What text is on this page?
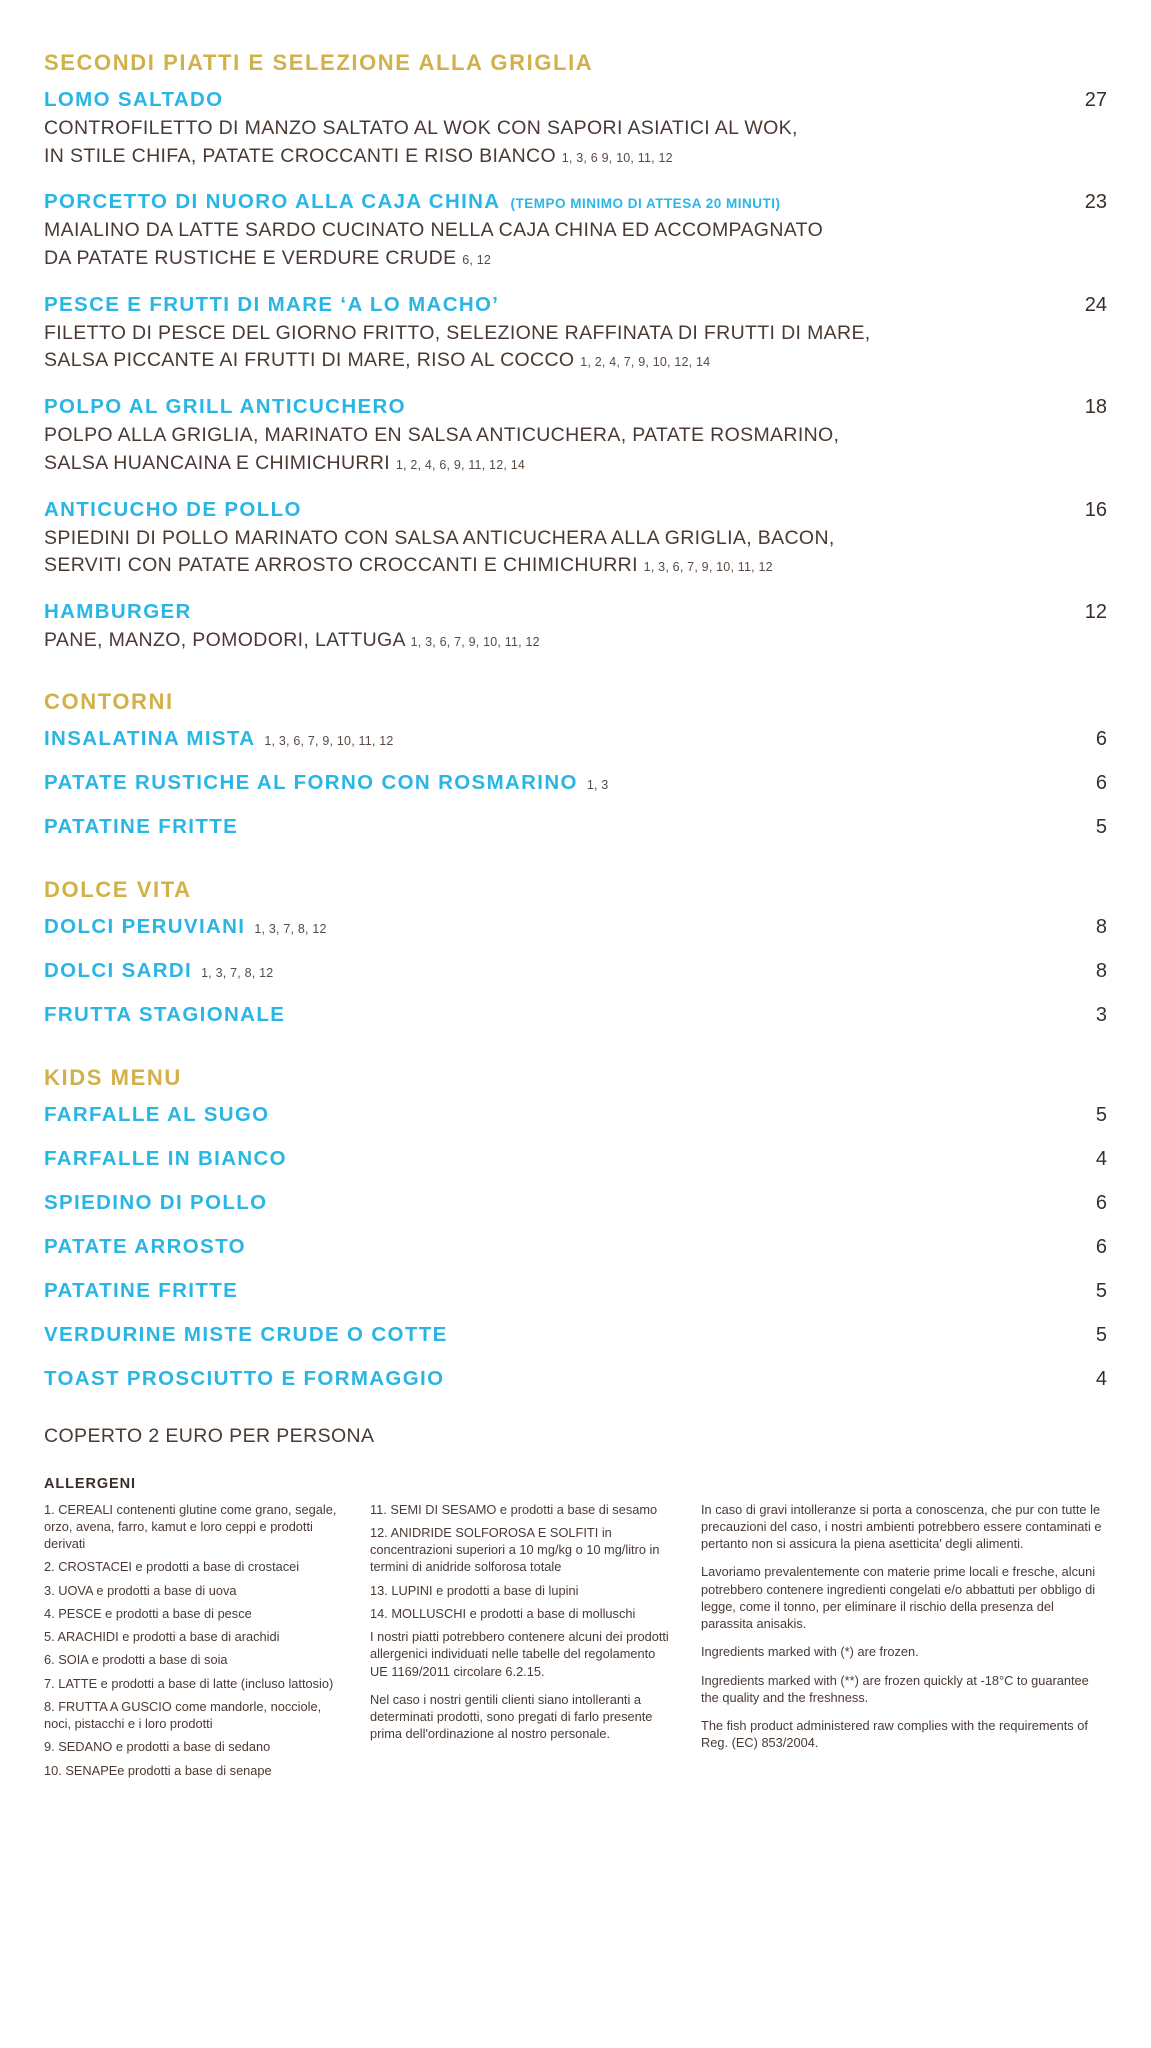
SECONDI PIATTI E SELEZIONE ALLA GRIGLIA
LOMO SALTADO	27
CONTROFILETTO DI MANZO SALTATO AL WOK CON SAPORI ASIATICI AL WOK,
IN STILE CHIFA, PATATE CROCCANTI E RISO BIANCO 1, 3, 6 9, 10, 11, 12
PORCETTO DI NUORO ALLA CAJA CHINA (TEMPO MINIMO DI ATTESA 20 MINUTI)	23
MAIALINO DA LATTE SARDO CUCINATO NELLA CAJA CHINA ED ACCOMPAGNATO
DA PATATE RUSTICHE E VERDURE CRUDE 6, 12
PESCE E FRUTTI DI MARE ‘A LO MACHO’	24
FILETTO DI PESCE DEL GIORNO FRITTO, SELEZIONE RAFFINATA DI FRUTTI DI MARE,
SALSA PICCANTE AI FRUTTI DI MARE, RISO AL COCCO 1, 2, 4, 7, 9, 10, 12, 14
POLPO AL GRILL ANTICUCHERO	18
POLPO ALLA GRIGLIA, MARINATO EN SALSA ANTICUCHERA, PATATE ROSMARINO,
SALSA HUANCAINA E CHIMICHURRI 1, 2, 4, 6, 9, 11, 12, 14
ANTICUCHO DE POLLO	16
SPIEDINI DI POLLO MARINATO CON SALSA ANTICUCHERA ALLA GRIGLIA, BACON,
SERVITI CON PATATE ARROSTO CROCCANTI E CHIMICHURRI 1, 3, 6, 7, 9, 10, 11, 12
HAMBURGER	12
PANE, MANZO, POMODORI, LATTUGA 1, 3, 6, 7, 9, 10, 11, 12
CONTORNI
INSALATINA MISTA 1, 3, 6, 7, 9, 10, 11, 12	6
PATATE RUSTICHE AL FORNO CON ROSMARINO 1, 3	6
PATATINE FRITTE	5
DOLCE VITA
DOLCI PERUVIANI 1, 3, 7, 8, 12	8
DOLCI SARDI 1, 3, 7, 8, 12	8
FRUTTA STAGIONALE	3
KIDS MENU
FARFALLE AL SUGO	5
FARFALLE IN BIANCO	4
SPIEDINO DI POLLO	6
PATATE ARROSTO	6
PATATINE FRITTE	5
VERDURINE MISTE CRUDE O COTTE	5
TOAST PROSCIUTTO E FORMAGGIO	4
COPERTO 2 EURO PER PERSONA
ALLERGENI
1. CEREALI contenenti glutine come grano, segale, orzo, avena, farro, kamut e loro ceppi e prodotti derivati
2. CROSTACEI e prodotti a base di crostacei
3. UOVA e prodotti a base di uova
4. PESCE e prodotti a base di pesce
5. ARACHIDI e prodotti a base di arachidi
6. SOIA e prodotti a base di soia
7. LATTE e prodotti a base di latte (incluso lattosio)
8. FRUTTA A GUSCIO come mandorle, nocciole, noci, pistacchi e i loro prodotti
9. SEDANO e prodotti a base di sedano
10. SENAPEe prodotti a base di senape
11. SEMI DI SESAMO e prodotti a base di sesamo
12. ANIDRIDE SOLFOROSA E SOLFITI in concentrazioni superiori a 10 mg/kg o 10 mg/litro in termini di anidride solforosa totale
13. LUPINI e prodotti a base di lupini
14. MOLLUSCHI e prodotti a base di molluschi
I nostri piatti potrebbero contenere alcuni dei prodotti allergenici individuati nelle tabelle del regolamento UE 1169/2011 circolare 6.2.15.
Nel caso i nostri gentili clienti siano intolleranti a determinati prodotti, sono pregati di farlo presente prima dell'ordinazione al nostro personale.
In caso di gravi intolleranze si porta a conoscenza, che pur con tutte le precauzioni del caso, i nostri ambienti potrebbero essere contaminati e pertanto non si assicura la piena asetticita' degli alimenti.
Lavoriamo prevalentemente con materie prime locali e fresche, alcuni potrebbero contenere ingredienti congelati e/o abbattuti per obbligo di legge, come il tonno, per eliminare il rischio della presenza del parassita anisakis.
Ingredients marked with (*) are frozen.
Ingredients marked with (**) are frozen quickly at -18°C to guarantee the quality and the freshness.
The fish product administered raw complies with the requirements of Reg. (EC) 853/2004.
